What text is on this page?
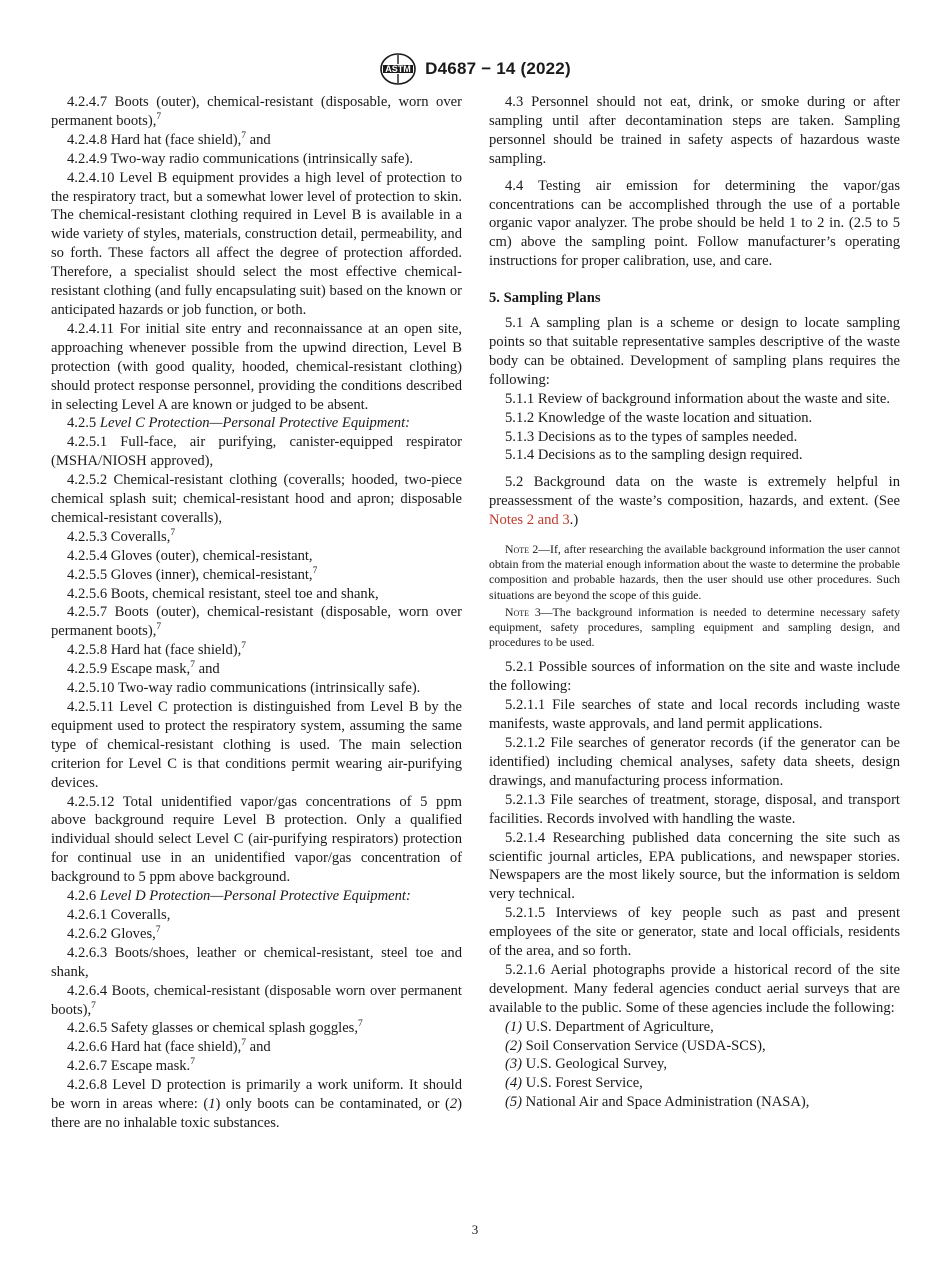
ASTM D4687 − 14 (2022)

4.2.4.7 Boots (outer), chemical-resistant (disposable, worn over permanent boots),$^7$

4.2.4.8 Hard hat (face shield),$^7$ and

4.2.4.9 Two-way radio communications (intrinsically safe).

4.2.4.10 Level B equipment provides a high level of protection to the respiratory tract, but a somewhat lower level of protection to skin. The chemical-resistant clothing required in Level B is available in a wide variety of styles, materials, construction detail, permeability, and so forth. These factors all affect the degree of protection afforded. Therefore, a specialist should select the most effective chemical-resistant clothing (and fully encapsulating suit) based on the known or anticipated hazards or job function, or both.

4.2.4.11 For initial site entry and reconnaissance at an open site, approaching whenever possible from the upwind direction, Level B protection (with good quality, hooded, chemical-resistant clothing) should protect response personnel, providing the conditions described in selecting Level A are known or judged to be absent.

4.2.5 Level C Protection—Personal Protective Equipment:

4.2.5.1 Full-face, air purifying, canister-equipped respirator (MSHA/NIOSH approved),

4.2.5.2 Chemical-resistant clothing (coveralls; hooded, two-piece chemical splash suit; chemical-resistant hood and apron; disposable chemical-resistant coveralls),

4.2.5.3 Coveralls,$^7$

4.2.5.4 Gloves (outer), chemical-resistant,

4.2.5.5 Gloves (inner), chemical-resistant,$^7$

4.2.5.6 Boots, chemical resistant, steel toe and shank,

4.2.5.7 Boots (outer), chemical-resistant (disposable, worn over permanent boots),$^7$

4.2.5.8 Hard hat (face shield),$^7$

4.2.5.9 Escape mask,$^7$ and

4.2.5.10 Two-way radio communications (intrinsically safe).

4.2.5.11 Level C protection is distinguished from Level B by the equipment used to protect the respiratory system, assuming the same type of chemical-resistant clothing is used. The main selection criterion for Level C is that conditions permit wearing air-purifying devices.

4.2.5.12 Total unidentified vapor/gas concentrations of 5 ppm above background require Level B protection. Only a qualified individual should select Level C (air-purifying respirators) protection for continual use in an unidentified vapor/gas concentration of background to 5 ppm above background.

4.2.6 Level D Protection—Personal Protective Equipment:

4.2.6.1 Coveralls,

4.2.6.2 Gloves,$^7$

4.2.6.3 Boots/shoes, leather or chemical-resistant, steel toe and shank,

4.2.6.4 Boots, chemical-resistant (disposable worn over permanent boots),$^7$

4.2.6.5 Safety glasses or chemical splash goggles,$^7$

4.2.6.6 Hard hat (face shield),$^7$ and

4.2.6.7 Escape mask.$^7$

4.2.6.8 Level D protection is primarily a work uniform. It should be worn in areas where: (1) only boots can be contaminated, or (2) there are no inhalable toxic substances.

4.3 Personnel should not eat, drink, or smoke during or after sampling until after decontamination steps are taken. Sampling personnel should be trained in safety aspects of hazardous waste sampling.

4.4 Testing air emission for determining the vapor/gas concentrations can be accomplished through the use of a portable organic vapor analyzer. The probe should be held 1 to 2 in. (2.5 to 5 cm) above the sampling point. Follow manufacturer’s operating instructions for proper calibration, use, and care.

5. Sampling Plans

5.1 A sampling plan is a scheme or design to locate sampling points so that suitable representative samples descriptive of the waste body can be obtained. Development of sampling plans requires the following:

5.1.1 Review of background information about the waste and site.

5.1.2 Knowledge of the waste location and situation.

5.1.3 Decisions as to the types of samples needed.

5.1.4 Decisions as to the sampling design required.

5.2 Background data on the waste is extremely helpful in preassessment of the waste’s composition, hazards, and extent. (See Notes 2 and 3.)

Note 2—If, after researching the available background information the user cannot obtain from the material enough information about the waste to determine the probable composition and probable hazards, then the user should use other procedures. Such situations are beyond the scope of this guide.

Note 3—The background information is needed to determine necessary safety equipment, safety procedures, sampling equipment and sampling design, and procedures to be used.

5.2.1 Possible sources of information on the site and waste include the following:

5.2.1.1 File searches of state and local records including waste manifests, waste approvals, and land permit applications.

5.2.1.2 File searches of generator records (if the generator can be identified) including chemical analyses, safety data sheets, design drawings, and manufacturing process information.

5.2.1.3 File searches of treatment, storage, disposal, and transport facilities. Records involved with handling the waste.

5.2.1.4 Researching published data concerning the site such as scientific journal articles, EPA publications, and newspaper stories. Newspapers are the most likely source, but the information is seldom very technical.

5.2.1.5 Interviews of key people such as past and present employees of the site or generator, state and local officials, residents of the area, and so forth.

5.2.1.6 Aerial photographs provide a historical record of the site development. Many federal agencies conduct aerial surveys that are available to the public. Some of these agencies include the following:

(1) U.S. Department of Agriculture,

(2) Soil Conservation Service (USDA-SCS),

(3) U.S. Geological Survey,

(4) U.S. Forest Service,

(5) National Air and Space Administration (NASA),

3
